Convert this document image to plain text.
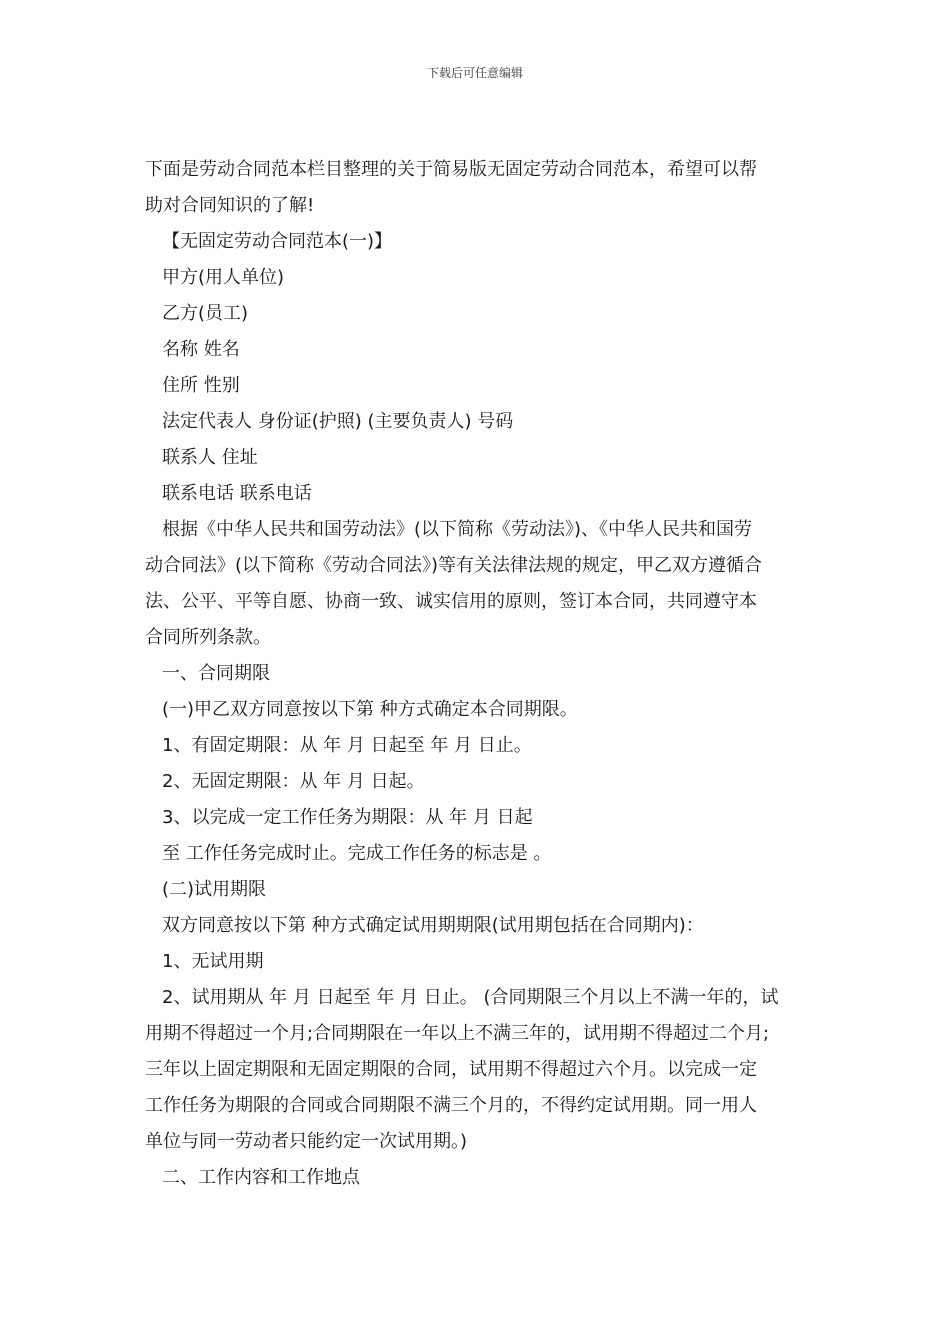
下载后可任意编辑
下面是劳动合同范本栏目整理的关于简易版无固定劳动合同范本，希望可以帮
助对合同知识的了解!
【无固定劳动合同范本(一)】
甲方(用人单位)
乙方(员工)
名称 姓名
住所 性别
法定代表人 身份证(护照) (主要负责人) 号码
联系人 住址
联系电话 联系电话
根据《中华人民共和国劳动法》(以下简称《劳动法》)、《中华人民共和国劳
动合同法》(以下简称《劳动合同法》)等有关法律法规的规定，甲乙双方遵循合
法、公平、平等自愿、协商一致、诚实信用的原则，签订本合同，共同遵守本
合同所列条款。
一、合同期限
(一)甲乙双方同意按以下第 种方式确定本合同期限。
1、有固定期限：从 年 月 日起至 年 月 日止。
2、无固定期限：从 年 月 日起。
3、以完成一定工作任务为期限：从 年 月 日起
至 工作任务完成时止。完成工作任务的标志是 。
(二)试用期限
双方同意按以下第 种方式确定试用期期限(试用期包括在合同期内)：
1、无试用期
2、试用期从 年 月 日起至 年 月 日止。 (合同期限三个月以上不满一年的，试
用期不得超过一个月;合同期限在一年以上不满三年的，试用期不得超过二个月;
三年以上固定期限和无固定期限的合同，试用期不得超过六个月。以完成一定
工作任务为期限的合同或合同期限不满三个月的，不得约定试用期。同一用人
单位与同一劳动者只能约定一次试用期。)
二、工作内容和工作地点
